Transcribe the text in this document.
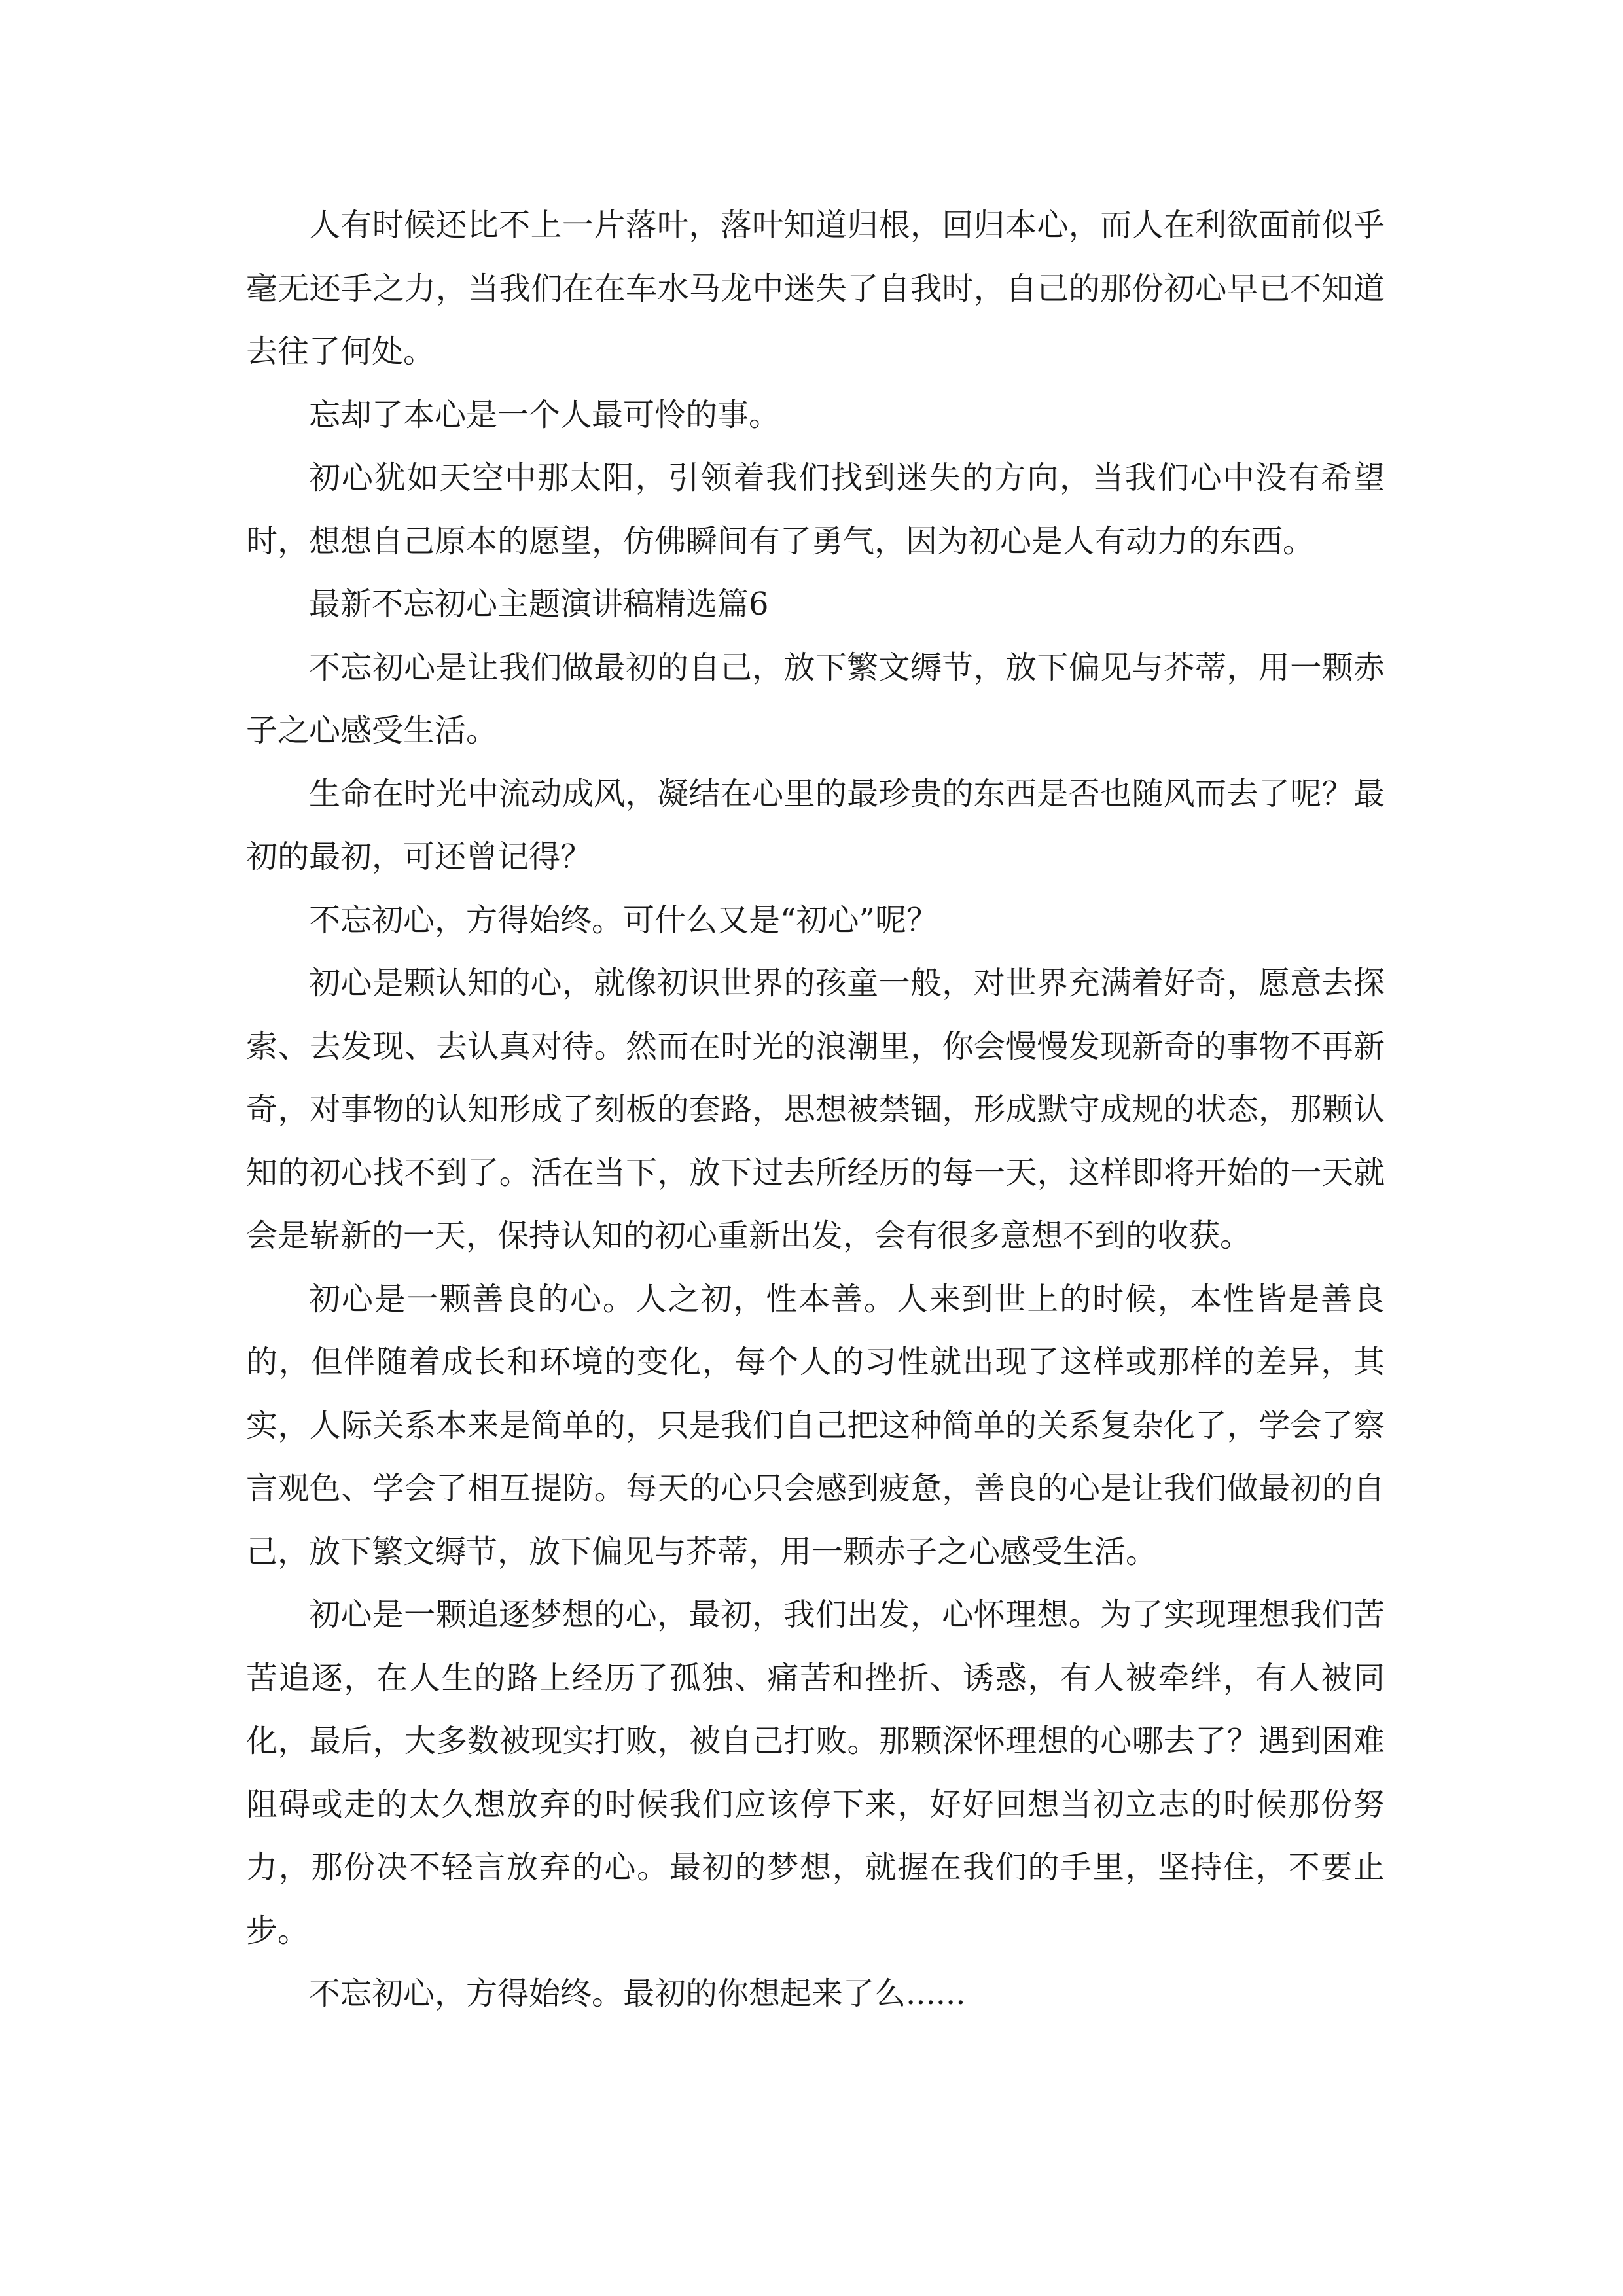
人有时候还比不上一片落叶，落叶知道归根，回归本心，而人在利欲面前似乎毫无还手之力，当我们在在车水马龙中迷失了自我时，自己的那份初心早已不知道去往了何处。

忘却了本心是一个人最可怜的事。

初心犹如天空中那太阳，引领着我们找到迷失的方向，当我们心中没有希望时，想想自己原本的愿望，仿佛瞬间有了勇气，因为初心是人有动力的东西。

最新不忘初心主题演讲稿精选篇6

不忘初心是让我们做最初的自己，放下繁文缛节，放下偏见与芥蒂，用一颗赤子之心感受生活。

生命在时光中流动成风，凝结在心里的最珍贵的东西是否也随风而去了呢？最初的最初，可还曾记得？

不忘初心，方得始终。可什么又是“初心”呢？

初心是颗认知的心，就像初识世界的孩童一般，对世界充满着好奇，愿意去探索、去发现、去认真对待。然而在时光的浪潮里，你会慢慢发现新奇的事物不再新奇，对事物的认知形成了刻板的套路，思想被禁锢，形成默守成规的状态，那颗认知的初心找不到了。活在当下，放下过去所经历的每一天，这样即将开始的一天就会是崭新的一天，保持认知的初心重新出发，会有很多意想不到的收获。

初心是一颗善良的心。人之初，性本善。人来到世上的时候，本性皆是善良的，但伴随着成长和环境的变化，每个人的习性就出现了这样或那样的差异，其实，人际关系本来是简单的，只是我们自己把这种简单的关系复杂化了，学会了察言观色、学会了相互提防。每天的心只会感到疲惫，善良的心是让我们做最初的自己，放下繁文缛节，放下偏见与芥蒂，用一颗赤子之心感受生活。

初心是一颗追逐梦想的心，最初，我们出发，心怀理想。为了实现理想我们苦苦追逐，在人生的路上经历了孤独、痛苦和挫折、诱惑，有人被牵绊，有人被同化，最后，大多数被现实打败，被自己打败。那颗深怀理想的心哪去了？遇到困难阻碍或走的太久想放弃的时候我们应该停下来，好好回想当初立志的时候那份努力，那份决不轻言放弃的心。最初的梦想，就握在我们的手里，坚持住，不要止步。

不忘初心，方得始终。最初的你想起来了么......
